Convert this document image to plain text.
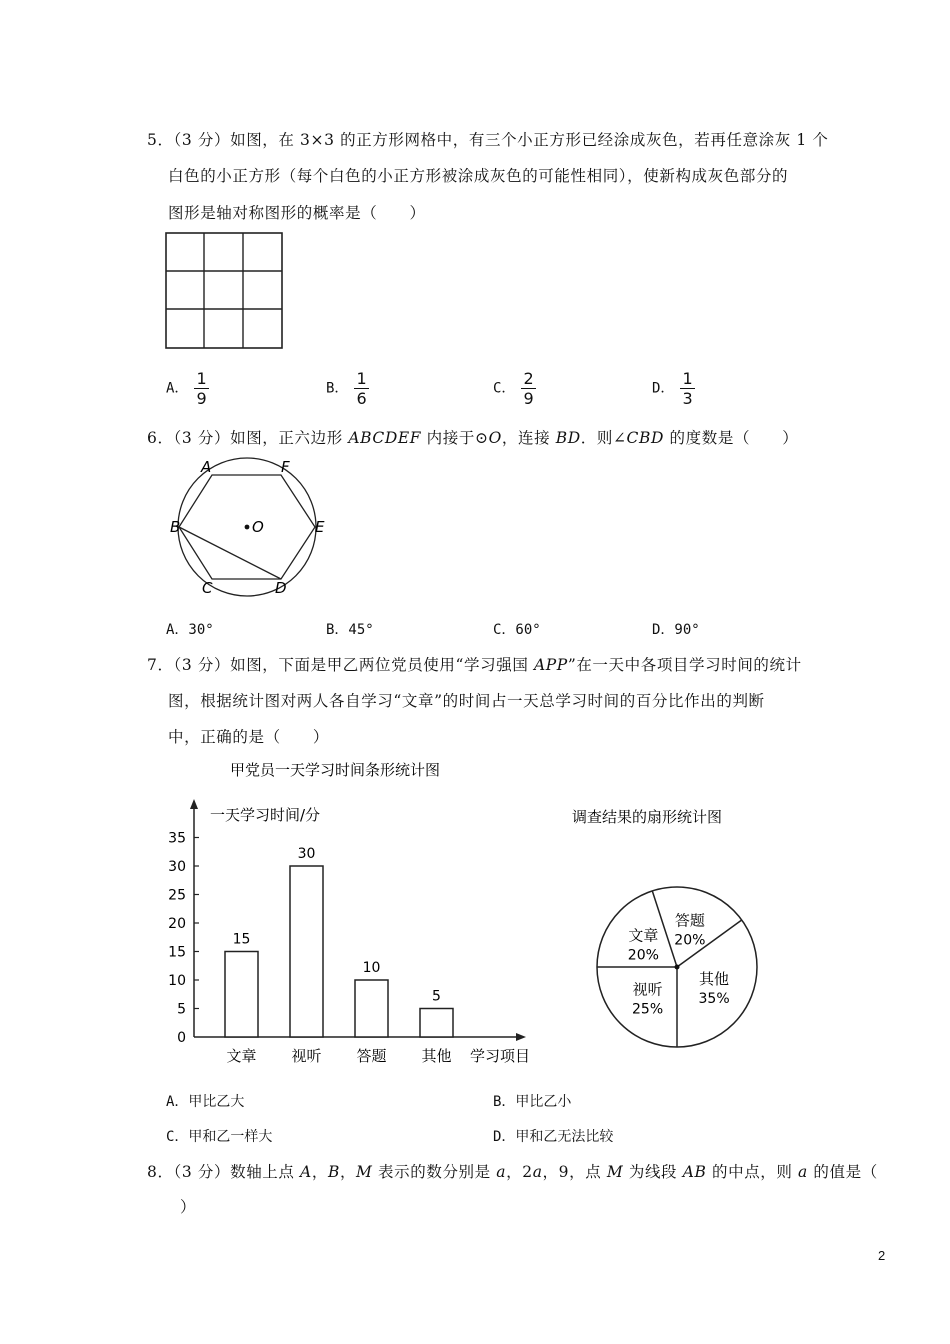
5．（3 分）如图，在 3×3 的正方形网格中，有三个小正方形已经涂成灰色，若再任意涂灰 1 个
白色的小正方形（每个白色的小正方形被涂成灰色的可能性相同），使新构成灰色部分的
图形是轴对称图形的概率是（　　）
A． $\frac{1}{9}$	B． $\frac{1}{6}$	C． $\frac{2}{9}$	D． $\frac{1}{3}$
6．（3 分）如图，正六边形 ABCDEF 内接于⊙O，连接 BD．则∠CBD 的度数是（　　）
A	F
B	O	E
C	D
A．30°	B．45°	C．60°	D．90°
7．（3 分）如图，下面是甲乙两位党员使用“学习强国 APP”在一天中各项目学习时间的统计
图，根据统计图对两人各自学习“文章”的时间占一天总学习时间的百分比作出的判断
中，正确的是（　　）
甲党员一天学习时间条形统计图
一天学习时间/分
学习项目
0
5
10
15
20
25
30
35
15
文章
30
视听
10
答题
5
其他
调查结果的扇形统计图
文章
20%
答题
20%
其他
35%
视听
25%
A．甲比乙大	B．甲比乙小
C．甲和乙一样大	D．甲和乙无法比较
8．（3 分）数轴上点 A，B，M 表示的数分别是 a，2a，9，点 M 为线段 AB 的中点，则 a 的值是（
）
2
